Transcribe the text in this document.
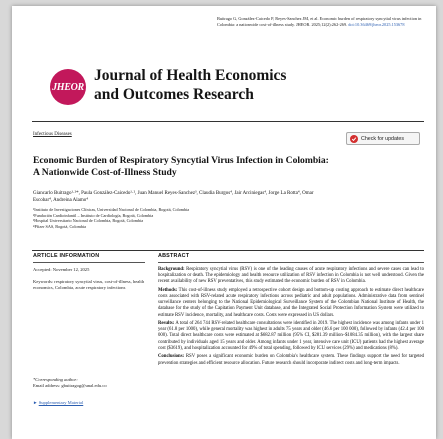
Buitrago G, González-Caicedo P, Reyes-Sanchez JM, et al. Economic burden of respiratory syncytial virus infection in Colombia: a nationwide cost-of-illness study. JHEOR. 2025;12(2):262-269. doi:10.36469/jheor.2025.153678
JHEOR
Journal of Health Economics
and Outcomes Research
Infectious Diseases
Check for updates
Economic Burden of Respiratory Syncytial Virus Infection in Colombia:
A Nationwide Cost-of-Illness Study
Giancarlo Buitrago¹·²*, Paula González-Caicedo¹·², Juan Manuel Reyes-Sanchez³, Claudia Burgos⁴, Jair Arciniegas⁴, Jorge La Rotta⁴, Omar
Escobar⁴, Andreina Alamo⁴
¹Instituto de Investigaciones Clínicas, Universidad Nacional de Colombia, Bogotá, Colombia
²Fundación Cardioinfantil – Instituto de Cardiología, Bogotá, Colombia
³Hospital Universitario Nacional de Colombia, Bogotá, Colombia
⁴Pfizer SAS, Bogotá, Colombia
ARTICLE INFORMATION
Accepted: November 12, 2025
Keywords: respiratory syncytial virus, cost-of-illness, health economics, Colombia, acute respiratory infections
*Corresponding author:
Email address: gbuitragog@unal.edu.co
► Supplementary Material
ABSTRACT

Background: Respiratory syncytial virus (RSV) is one of the leading causes of acute respiratory infections and severe cases can lead to hospitalization or death. The epidemiology and health resource utilization of RSV infection in Colombia is not well understood. Given the recent availability of new RSV preventatives, this study estimated the economic burden of RSV in Colombia.

Methods: This cost-of-illness study employed a retrospective cohort design and bottom-up costing approach to estimate direct healthcare costs associated with RSV-related acute respiratory infections across pediatric and adult populations. Administrative data from sentinel surveillance centers belonging to the National Epidemiological Surveillance System of the Colombian National Institute of Health, the database for the study of the Capitation Payment Unit database, and the Integrated Social Protection Information System were utilized to estimate RSV incidence, mortality, and healthcare costs. Costs were expressed in US dollars.

Results: A total of 264 744 RSV-related healthcare consultations were identified in 2019. The highest incidence was among infants under 1 year (61.8 per 1000), while general mortality was highest in adults 75 years and older (46.6 per 100 000), followed by infants (42.4 per 100 000). Total direct healthcare costs were estimated at $682.87 million (95% CI, $281.39 million–$1084.35 million), with the largest share contributed by individuals aged 15 years and older. Among infants under 1 year, intensive care unit (ICU) patients had the highest average cost ($3619), and hospitalization accounted for 49% of total spending, followed by ICU services (29%) and medications (8%).

Conclusions: RSV poses a significant economic burden on Colombia's healthcare system. These findings support the need for targeted prevention strategies and efficient resource allocation. Future research should incorporate indirect costs and long-term impacts.
